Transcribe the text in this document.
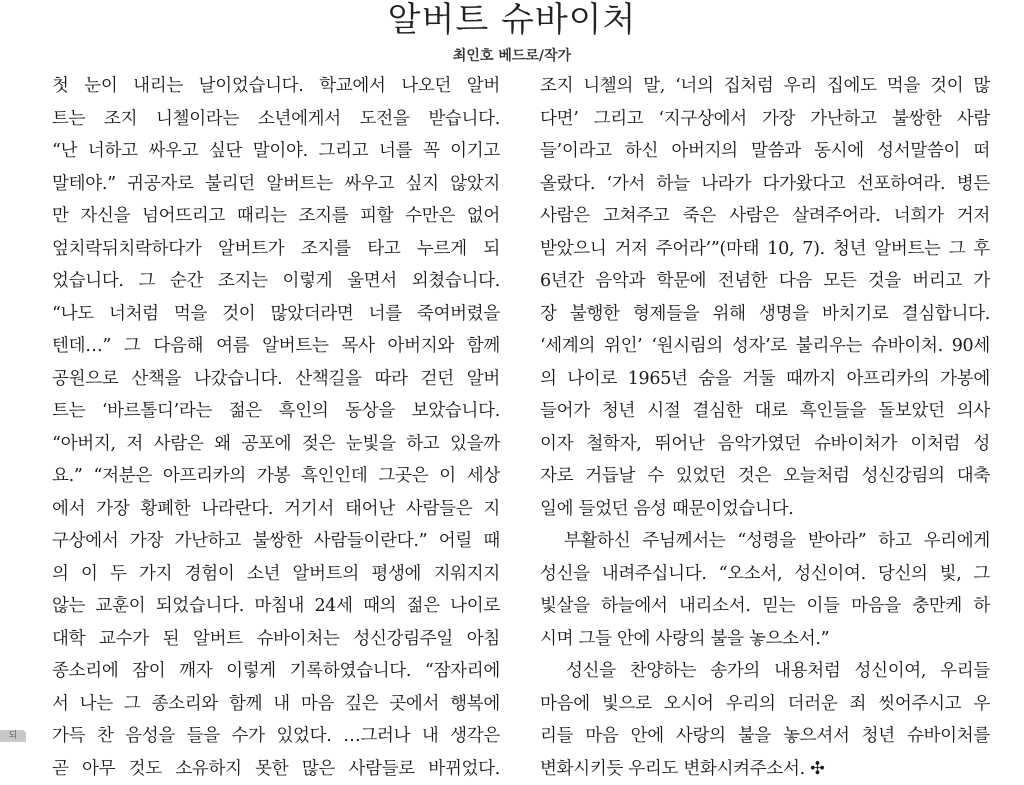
알버트 슈바이처
최인호 베드로/작가
첫 눈이 내리는 날이었습니다. 학교에서 나오던 알버
트는 조지 니첼이라는 소년에게서 도전을 받습니다.
“난 너하고 싸우고 싶단 말이야. 그리고 너를 꼭 이기고
말테야.” 귀공자로 불리던 알버트는 싸우고 싶지 않았지
만 자신을 넘어뜨리고 때리는 조지를 피할 수만은 없어
엎치락뒤치락하다가 알버트가 조지를 타고 누르게 되
었습니다. 그 순간 조지는 이렇게 울면서 외쳤습니다.
“나도 너처럼 먹을 것이 많았더라면 너를 죽여버렸을
텐데…” 그 다음해 여름 알버트는 목사 아버지와 함께
공원으로 산책을 나갔습니다. 산책길을 따라 걷던 알버
트는 ‘바르톨디’라는 젊은 흑인의 동상을 보았습니다.
“아버지, 저 사람은 왜 공포에 젖은 눈빛을 하고 있을까
요.” “저분은 아프리카의 가봉 흑인인데 그곳은 이 세상
에서 가장 황폐한 나라란다. 거기서 태어난 사람들은 지
구상에서 가장 가난하고 불쌍한 사람들이란다.” 어릴 때
의 이 두 가지 경험이 소년 알버트의 평생에 지워지지
않는 교훈이 되었습니다. 마침내 24세 때의 젊은 나이로
대학 교수가 된 알버트 슈바이처는 성신강림주일 아침
종소리에 잠이 깨자 이렇게 기록하였습니다. “잠자리에
서 나는 그 종소리와 함께 내 마음 깊은 곳에서 행복에
가득 찬 음성을 들을 수가 있었다. …그러나 내 생각은
곧 아무 것도 소유하지 못한 많은 사람들로 바뀌었다.
조지 니첼의 말, ‘너의 집처럼 우리 집에도 먹을 것이 많
다면’ 그리고 ‘지구상에서 가장 가난하고 불쌍한 사람
들’이라고 하신 아버지의 말씀과 동시에 성서말씀이 떠
올랐다. ‘가서 하늘 나라가 다가왔다고 선포하여라. 병든
사람은 고쳐주고 죽은 사람은 살려주어라. 너희가 거저
받았으니 거저 주어라’”(마태 10, 7). 청년 알버트는 그 후
6년간 음악과 학문에 전념한 다음 모든 것을 버리고 가
장 불행한 형제들을 위해 생명을 바치기로 결심합니다.
‘세계의 위인’ ‘원시림의 성자’로 불리우는 슈바이처. 90세
의 나이로 1965년 숨을 거둘 때까지 아프리카의 가봉에
들어가 청년 시절 결심한 대로 흑인들을 돌보았던 의사
이자 철학자, 뛰어난 음악가였던 슈바이처가 이처럼 성
자로 거듭날 수 있었던 것은 오늘처럼 성신강림의 대축
일에 들었던 음성 때문이었습니다.
　부활하신 주님께서는 “성령을 받아라” 하고 우리에게
성신을 내려주십니다. “오소서, 성신이여. 당신의 빛, 그
빛살을 하늘에서 내리소서. 믿는 이들 마음을 충만케 하
시며 그들 안에 사랑의 불을 놓으소서.”
　성신을 찬양하는 송가의 내용처럼 성신이여, 우리들
마음에 빛으로 오시어 우리의 더러운 죄 씻어주시고 우
리들 마음 안에 사랑의 불을 놓으셔서 청년 슈바이처를
변화시키듯 우리도 변화시켜주소서. ✣
되
